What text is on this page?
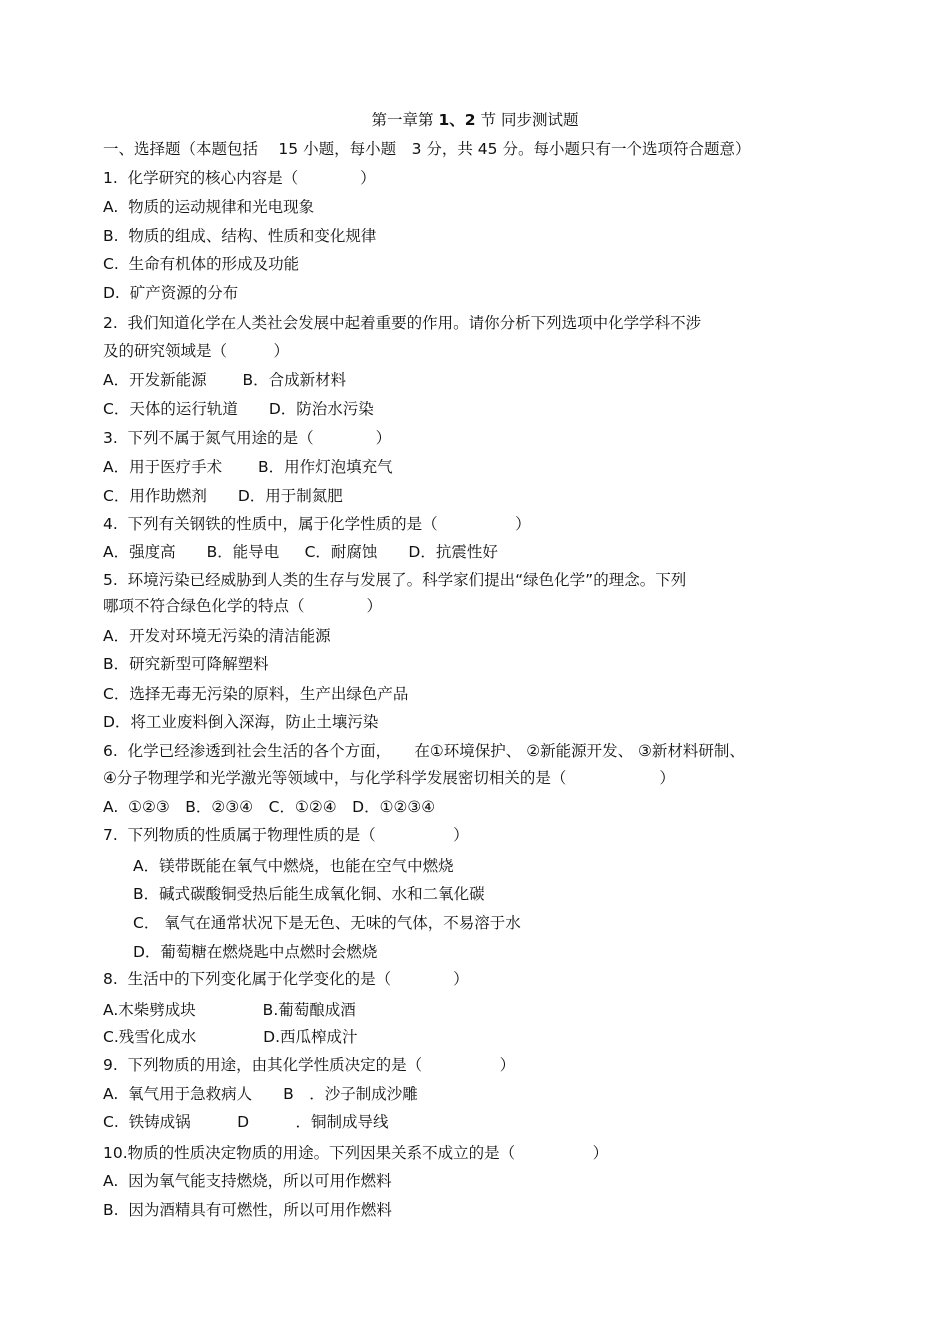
第一章第 1、2 节 同步测试题
一、选择题（本题包括　 15 小题，每小题　3 分，共 45 分。每小题只有一个选项符合题意）
1.  化学研究的核心内容是（　　　　）
A.  物质的运动规律和光电现象
B.  物质的组成、结构、性质和变化规律
C.  生命有机体的形成及功能
D.  矿产资源的分布
2.  我们知道化学在人类社会发展中起着重要的作用。请你分析下列选项中化学学科不涉
及的研究领域是（　　　）
A．开发新能源　　 B．合成新材料
C．天体的运行轨道　　D．防治水污染
3.  下列不属于氮气用途的是（　　　　）
A．用于医疗手术　　 B．用作灯泡填充气
C．用作助燃剂　　D．用于制氮肥
4.  下列有关钢铁的性质中，属于化学性质的是（　　　　　）
A．强度高　　B．能导电　  C．耐腐蚀　　D．抗震性好
5.  环境污染已经威胁到人类的生存与发展了。科学家们提出“绿色化学”的理念。下列
哪项不符合绿色化学的特点（　　　　）
A．开发对环境无污染的清洁能源
B．研究新型可降解塑料
C．选择无毒无污染的原料，生产出绿色产品
D．将工业废料倒入深海，防止土壤污染
6.  化学已经渗透到社会生活的各个方面，　　在①环境保护、 ②新能源开发、 ③新材料研制、
④分子物理学和光学激光等领域中，与化学科学发展密切相关的是（　　　　　　）
A.  ①②③　B．②③④　C．①②④　D．①②③④
7.  下列物质的性质属于物理性质的是（　　　　　）
A．镁带既能在氧气中燃烧，也能在空气中燃烧
B．碱式碳酸铜受热后能生成氧化铜、水和二氧化碳
C． 氧气在通常状况下是无色、无味的气体，不易溶于水
D．葡萄糖在燃烧匙中点燃时会燃烧
8.  生活中的下列变化属于化学变化的是（　　　　）
A.木柴劈成块　　　　 B.葡萄酿成酒
C.残雪化成水　　　　 D.西瓜榨成汁
9.  下列物质的用途，由其化学性质决定的是（　　　　　）
A.  氧气用于急救病人　　B　．沙子制成沙雕
C.  铁铸成锅　　　D　　　．铜制成导线
10.物质的性质决定物质的用途。下列因果关系不成立的是（　　　　　）
A.  因为氧气能支持燃烧，所以可用作燃料
B.  因为酒精具有可燃性，所以可用作燃料
